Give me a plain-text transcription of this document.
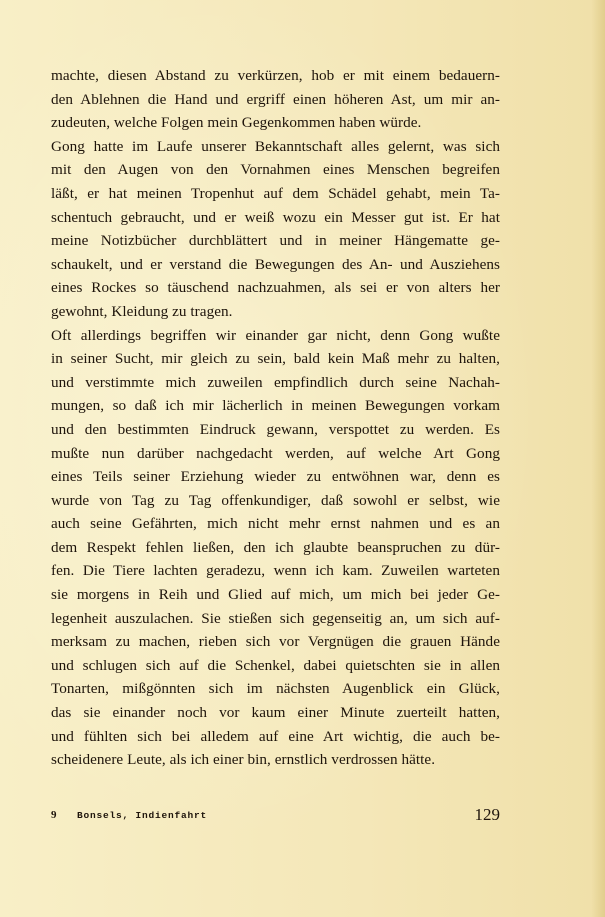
machte, diesen Abstand zu verkürzen, hob er mit einem bedauern-
den Ablehnen die Hand und ergriff einen höheren Ast, um mir an-
zudeuten, welche Folgen mein Gegenkommen haben würde.
Gong hatte im Laufe unserer Bekanntschaft alles gelernt, was sich
mit den Augen von den Vornahmen eines Menschen begreifen
läßt, er hat meinen Tropenhut auf dem Schädel gehabt, mein Ta-
schentuch gebraucht, und er weiß wozu ein Messer gut ist. Er hat
meine Notizbücher durchblättert und in meiner Hängematte ge-
schaukelt, und er verstand die Bewegungen des An- und Ausziehens
eines Rockes so täuschend nachzuahmen, als sei er von alters her
gewohnt, Kleidung zu tragen.
Oft allerdings begriffen wir einander gar nicht, denn Gong wußte
in seiner Sucht, mir gleich zu sein, bald kein Maß mehr zu halten,
und verstimmte mich zuweilen empfindlich durch seine Nachah-
mungen, so daß ich mir lächerlich in meinen Bewegungen vorkam
und den bestimmten Eindruck gewann, verspottet zu werden. Es
mußte nun darüber nachgedacht werden, auf welche Art Gong
eines Teils seiner Erziehung wieder zu entwöhnen war, denn es
wurde von Tag zu Tag offenkundiger, daß sowohl er selbst, wie
auch seine Gefährten, mich nicht mehr ernst nahmen und es an
dem Respekt fehlen ließen, den ich glaubte beanspruchen zu dür-
fen. Die Tiere lachten geradezu, wenn ich kam. Zuweilen warteten
sie morgens in Reih und Glied auf mich, um mich bei jeder Ge-
legenheit auszulachen. Sie stießen sich gegenseitig an, um sich auf-
merksam zu machen, rieben sich vor Vergnügen die grauen Hände
und schlugen sich auf die Schenkel, dabei quietschten sie in allen
Tonarten, mißgönnten sich im nächsten Augenblick ein Glück,
das sie einander noch vor kaum einer Minute zuerteilt hatten,
und fühlten sich bei alledem auf eine Art wichtig, die auch be-
scheidenere Leute, als ich einer bin, ernstlich verdrossen hätte.
9 Bonsels, Indienfahrt	129
